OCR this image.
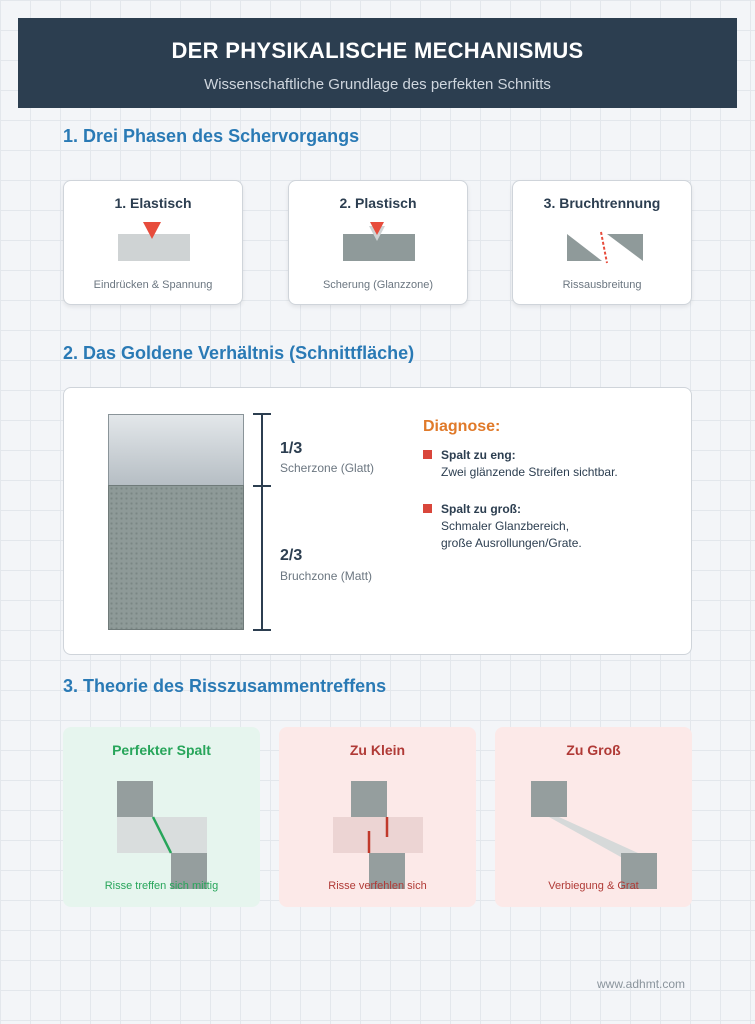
DER PHYSIKALISCHE MECHANISMUS
Wissenschaftliche Grundlage des perfekten Schnitts
1. Drei Phasen des Schervorgangs
1. Elastisch
Eindrücken & Spannung
2. Plastisch
Scherung (Glanzzone)
3. Bruchtrennung
Rissausbreitung
2. Das Goldene Verhältnis (Schnittfläche)
1/3
Scherzone (Glatt)
2/3
Bruchzone (Matt)
Diagnose:
Spalt zu eng:
Zwei glänzende Streifen sichtbar.
Spalt zu groß:
Schmaler Glanzbereich,
große Ausrollungen/Grate.
3. Theorie des Risszusammentreffens
Perfekter Spalt
Risse treffen sich mittig
Zu Klein
Risse verfehlen sich
Zu Groß
Verbiegung & Grat
www.adhmt.com
